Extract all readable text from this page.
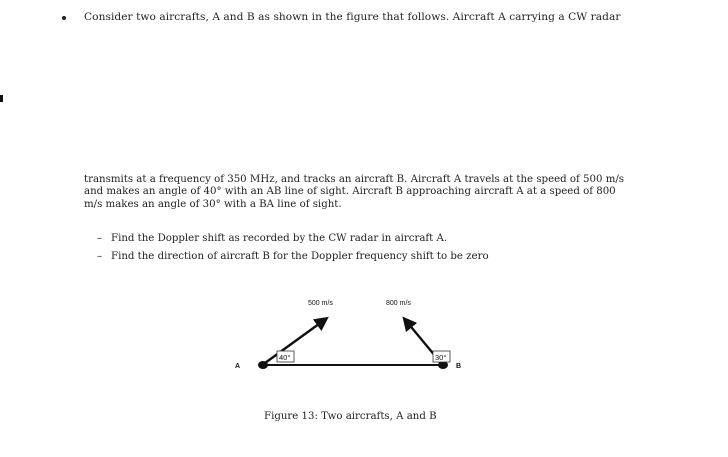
Consider two aircrafts, A and B as shown in the figure that follows. Aircraft A carrying a CW radar
transmits at a frequency of 350 MHz, and tracks an aircraft B. Aircraft A travels at the speed of 500 m/s
and makes an angle of 40° with an AB line of sight. Aircraft B approaching aircraft A at a speed of 800
m/s makes an angle of 30° with a BA line of sight.
– Find the Doppler shift as recorded by the CW radar in aircraft A.
– Find the direction of aircraft B for the Doppler frequency shift to be zero
40°	30°
A	B
500 m/s	800 m/s
Figure 13: Two aircrafts, A and B
